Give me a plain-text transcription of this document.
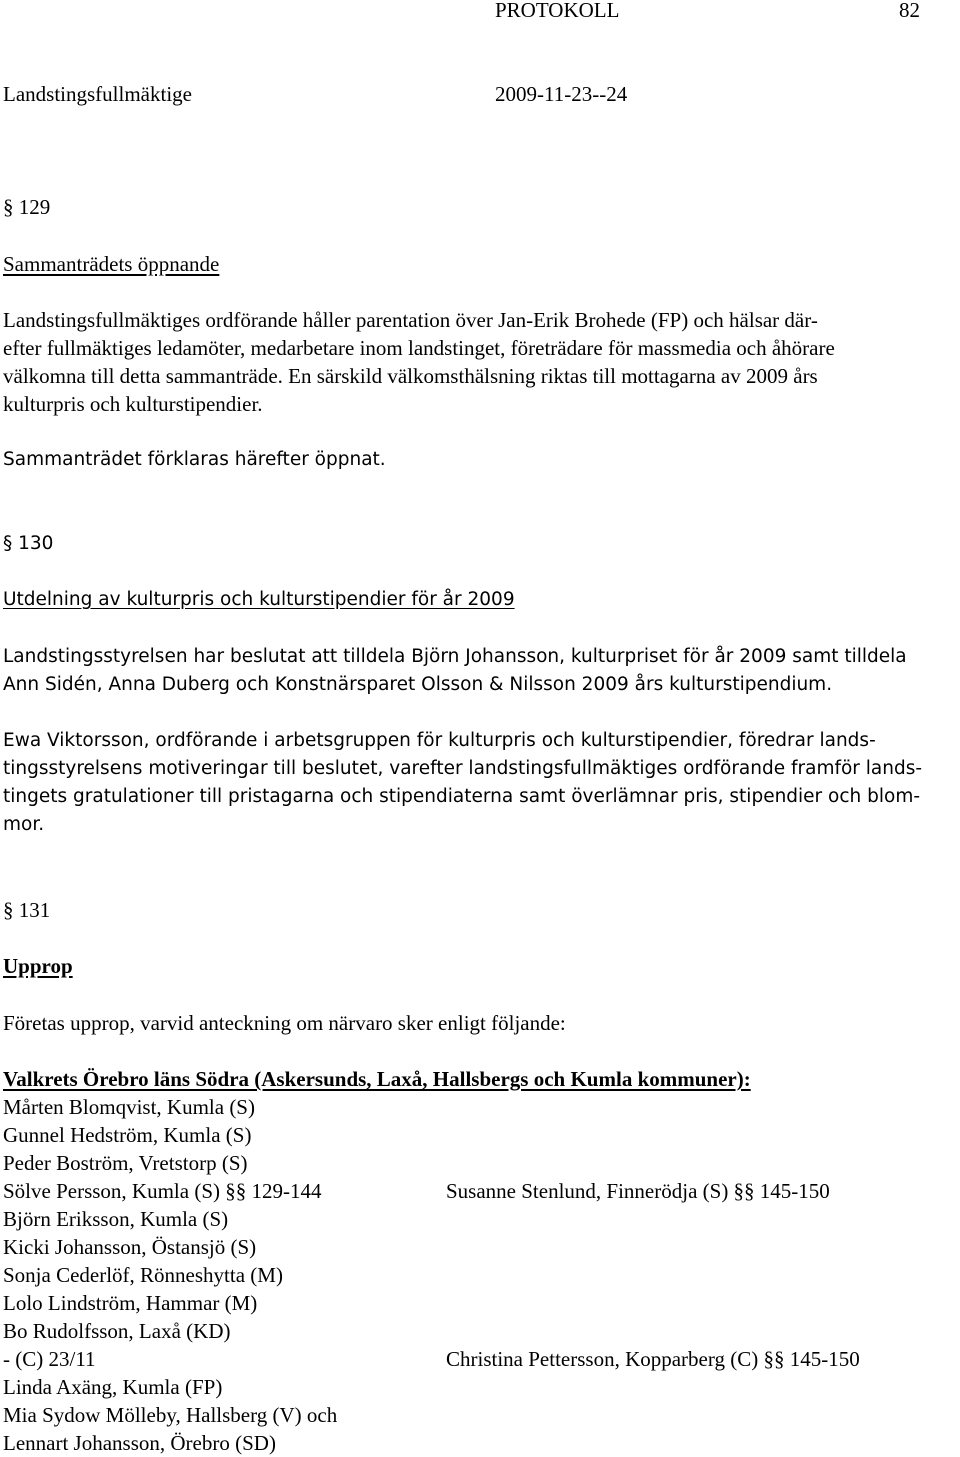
PROTOKOLL	82
Landstingsfullmäktige	2009-11-23--24
§ 129
Sammanträdets öppnande

Landstingsfullmäktiges ordförande håller parentation över Jan-Erik Brohede (FP) och hälsar där-

efter fullmäktiges ledamöter, medarbetare inom landstinget, företrädare för massmedia och åhörare

välkomna till detta sammanträde. En särskild välkomsthälsning riktas till mottagarna av 2009 års

kulturpris och kulturstipendier.

Sammanträdet förklaras härefter öppnat.
§ 130
Utdelning av kulturpris och kulturstipendier för år 2009

Landstingsstyrelsen har beslutat att tilldela Björn Johansson, kulturpriset för år 2009 samt tilldela

Ann Sidén, Anna Duberg och Konstnärsparet Olsson & Nilsson 2009 års kulturstipendium.

Ewa Viktorsson, ordförande i arbetsgruppen för kulturpris och kulturstipendier, föredrar lands-

tingsstyrelsens motiveringar till beslutet, varefter landstingsfullmäktiges ordförande framför lands-

tingets gratulationer till pristagarna och stipendiaterna samt överlämnar pris, stipendier och blom-

mor.

§ 131
Upprop
Företas upprop, varvid anteckning om närvaro sker enligt följande:
Valkrets Örebro läns Södra (Askersunds, Laxå, Hallsbergs och Kumla kommuner):
Mårten Blomqvist, Kumla (S)
Gunnel Hedström, Kumla (S)
Peder Boström, Vretstorp (S)
Sölve Persson, Kumla (S) §§ 129-144	Susanne Stenlund, Finnerödja (S) §§ 145-150
Björn Eriksson, Kumla (S)
Kicki Johansson, Östansjö (S)
Sonja Cederlöf, Rönneshytta (M)
Lolo Lindström, Hammar (M)
Bo Rudolfsson, Laxå (KD)
- (C) 23/11	Christina Pettersson, Kopparberg (C) §§ 145-150
Linda Axäng, Kumla (FP)
Mia Sydow Mölleby, Hallsberg (V) och
Lennart Johansson, Örebro (SD)
